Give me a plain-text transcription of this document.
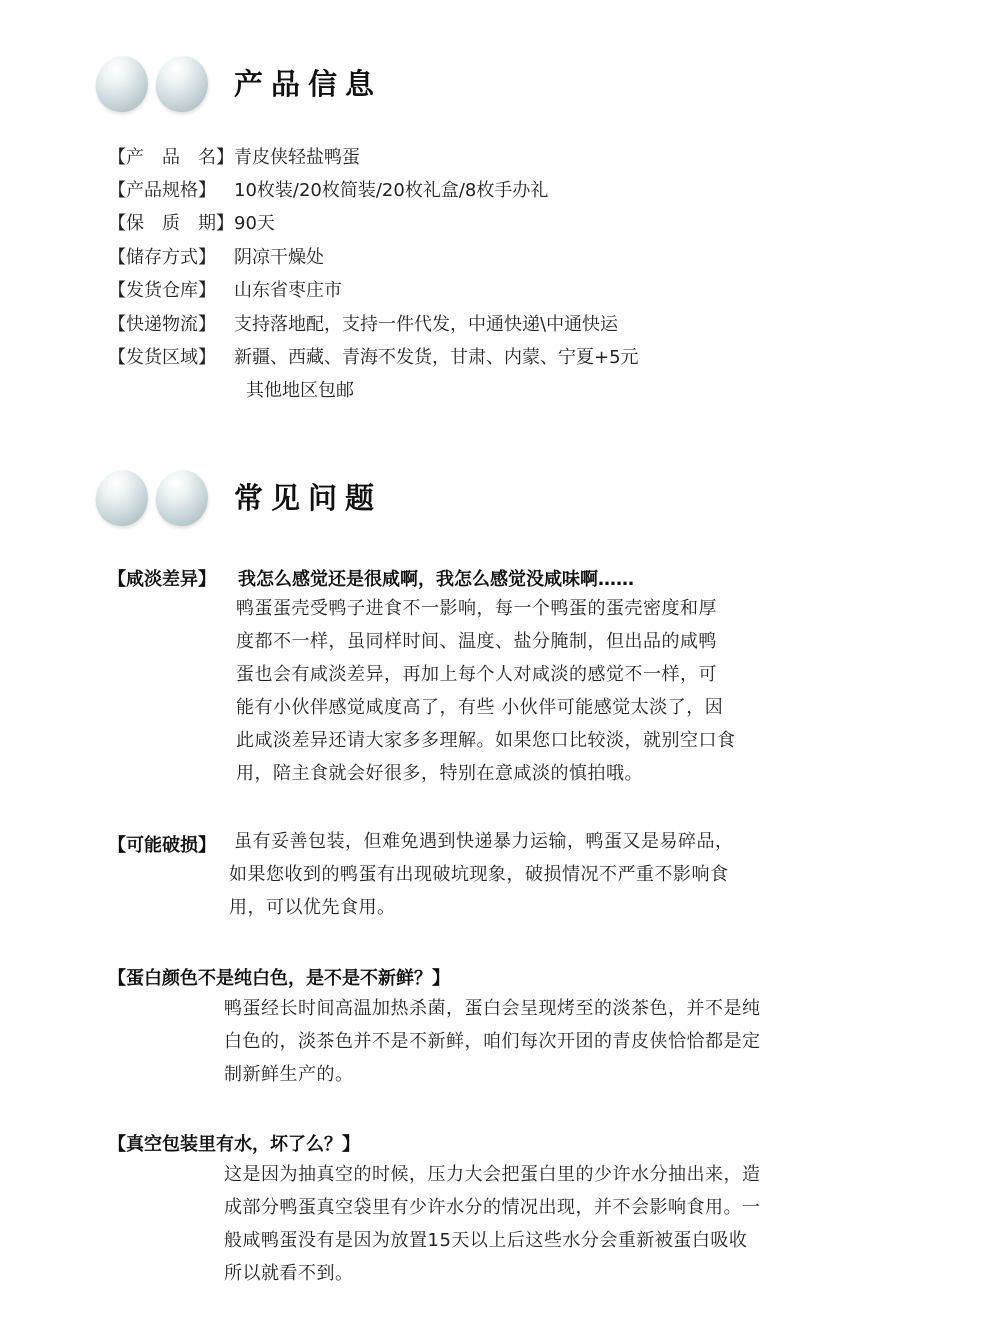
产品信息
【产　品　名】 青皮侠轻盐鸭蛋
【产品规格】 10枚装/20枚简装/20枚礼盒/8枚手办礼
【保　质　期】 90天
【储存方式】 阴凉干燥处
【发货仓库】 山东省枣庄市
【快递物流】 支持落地配，支持一件代发，中通快递\中通快运
【发货区域】 新疆、西藏、青海不发货，甘肃、内蒙、宁夏+5元
其他地区包邮
常见问题
【咸淡差异】 我怎么感觉还是很咸啊，我怎么感觉没咸味啊……
鸭蛋蛋壳受鸭子进食不一影响，每一个鸭蛋的蛋壳密度和厚
度都不一样，虽同样时间、温度、盐分腌制，但出品的咸鸭
蛋也会有咸淡差异，再加上每个人对咸淡的感觉不一样，可
能有小伙伴感觉咸度高了，有些 小伙伴可能感觉太淡了，因
此咸淡差异还请大家多多理解。如果您口比较淡，就别空口食
用，陪主食就会好很多，特别在意咸淡的慎拍哦。
【可能破损】 虽有妥善包装，但难免遇到快递暴力运输，鸭蛋又是易碎品，
如果您收到的鸭蛋有出现破坑现象，破损情况不严重不影响食
用，可以优先食用。
【蛋白颜色不是纯白色，是不是不新鲜？】
鸭蛋经长时间高温加热杀菌，蛋白会呈现烤至的淡茶色，并不是纯
白色的，淡茶色并不是不新鲜，咱们每次开团的青皮侠恰恰都是定
制新鲜生产的。
【真空包装里有水，坏了么？】
这是因为抽真空的时候，压力大会把蛋白里的少许水分抽出来，造
成部分鸭蛋真空袋里有少许水分的情况出现，并不会影响食用。一
般咸鸭蛋没有是因为放置15天以上后这些水分会重新被蛋白吸收
所以就看不到。
